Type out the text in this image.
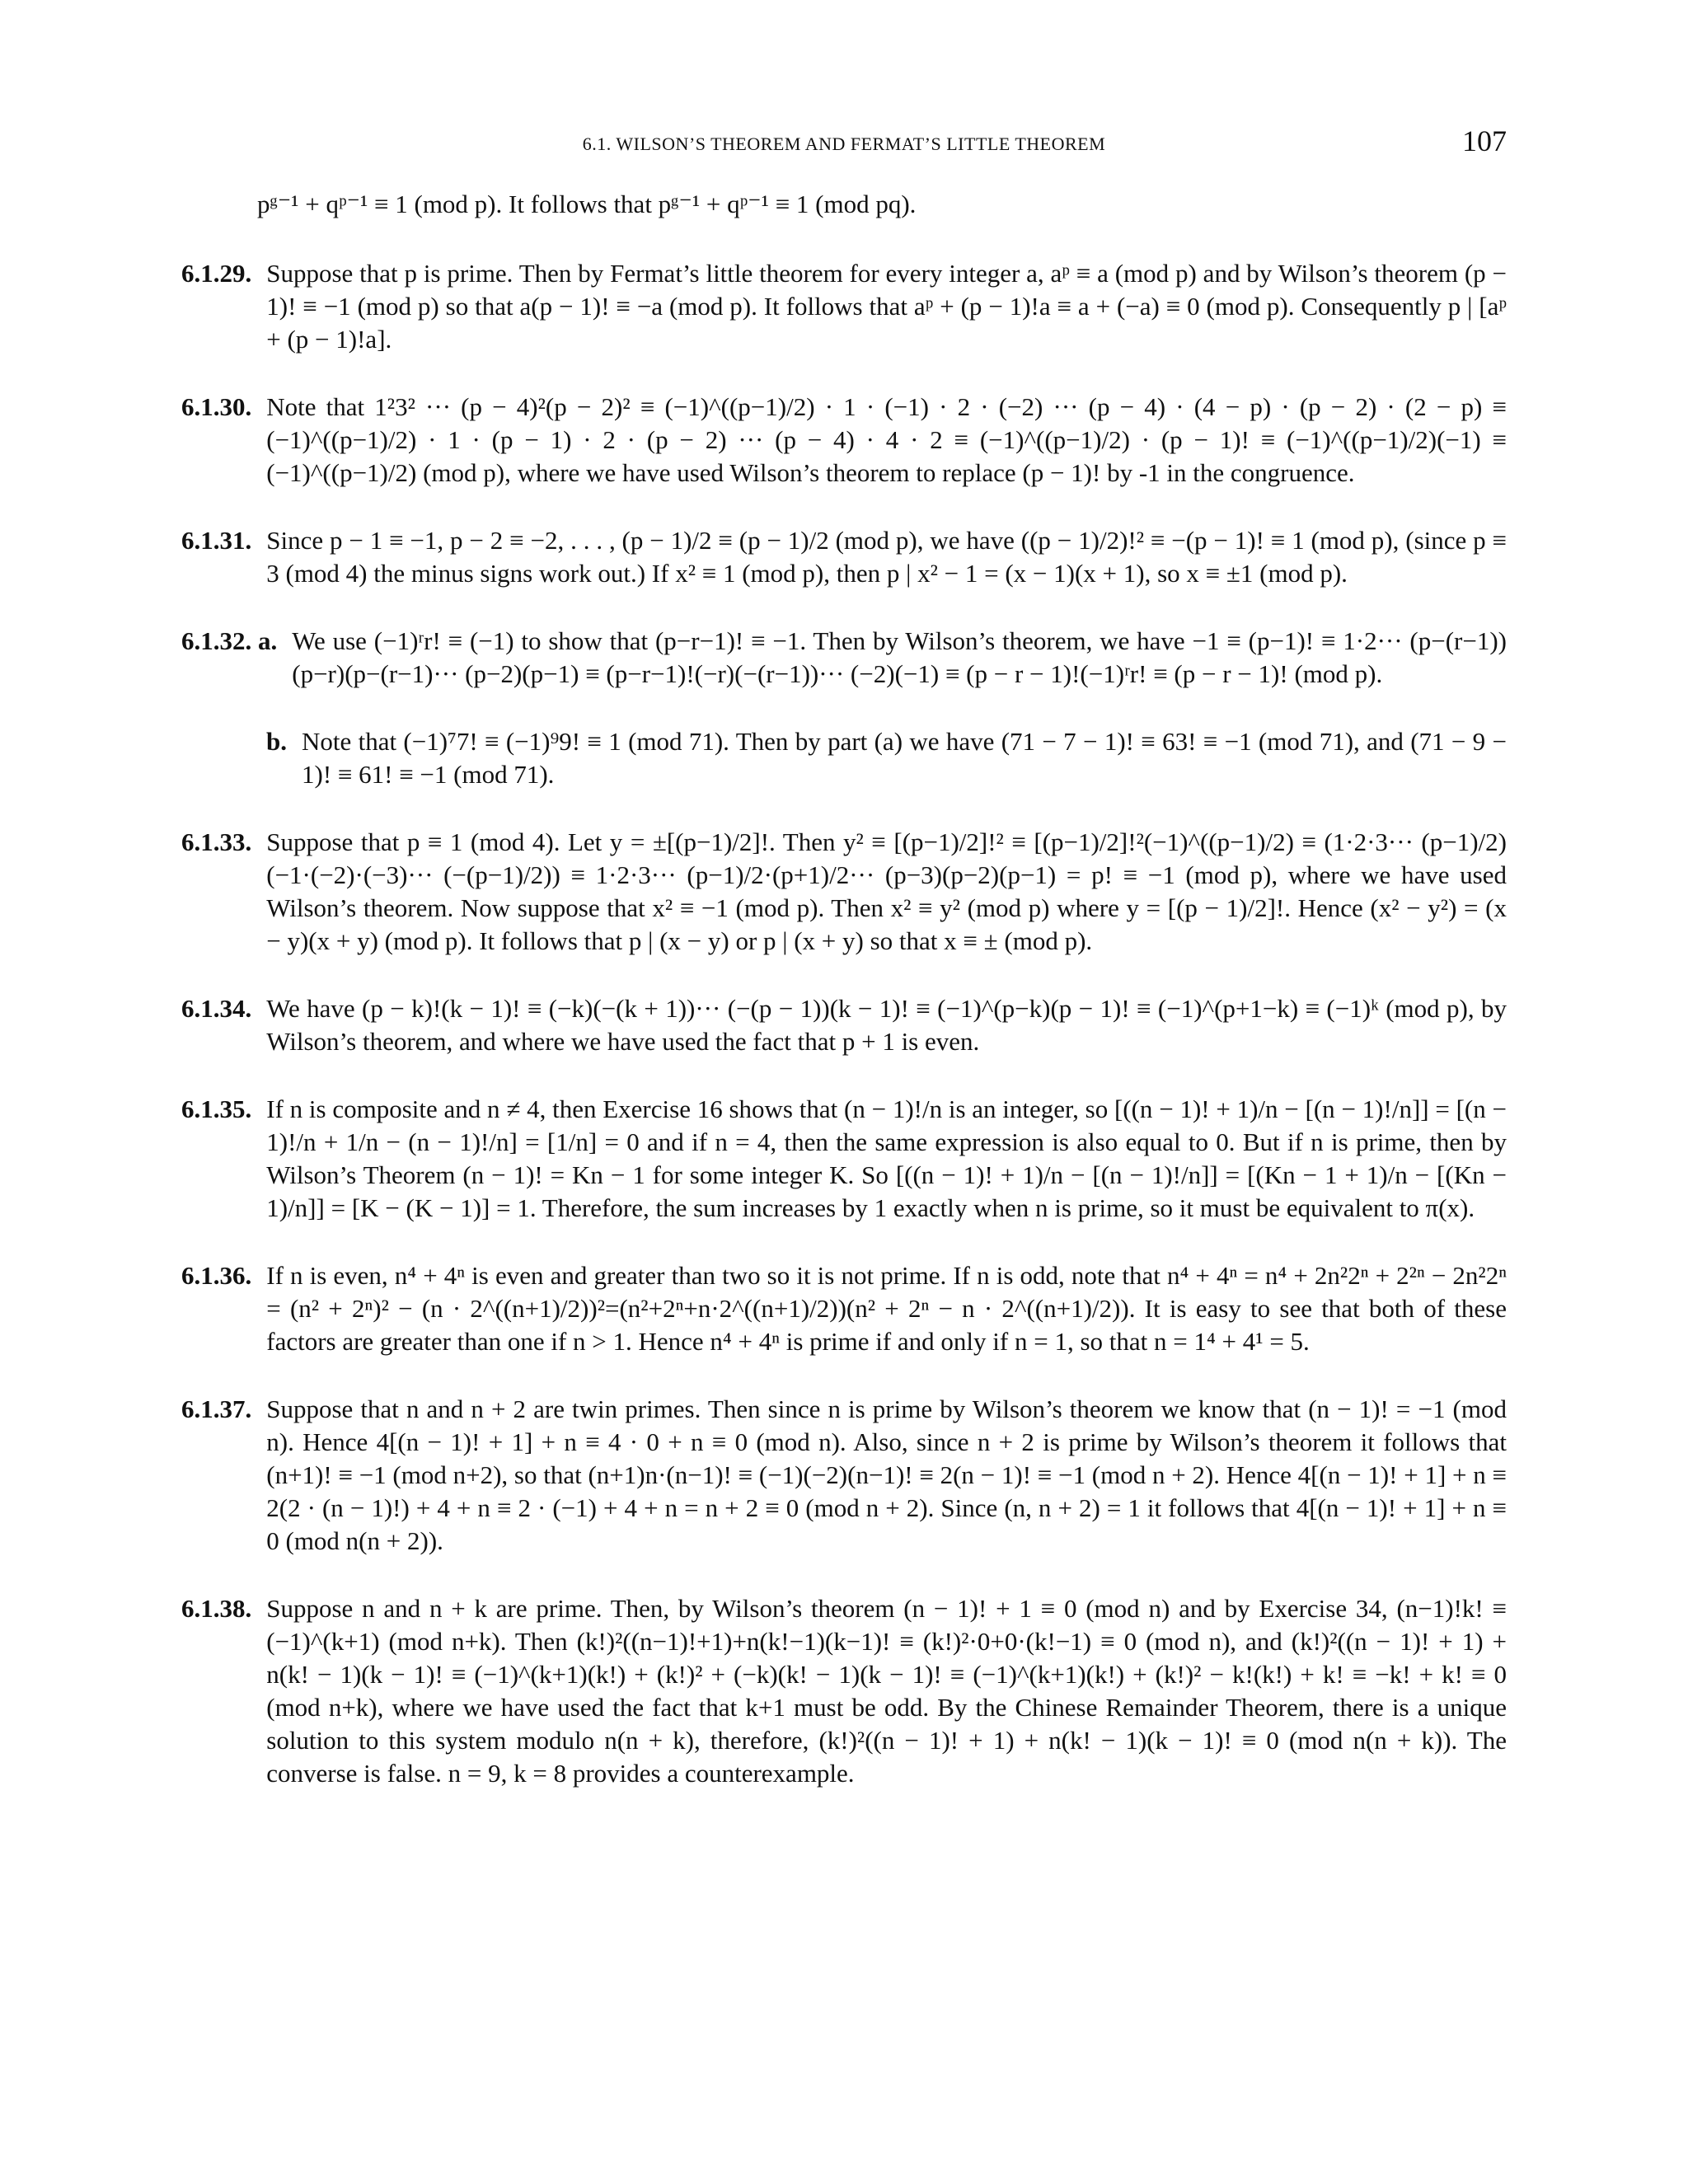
6.1. WILSON’S THEOREM AND FERMAT’S LITTLE THEOREM	107

pᵍ⁻¹ + qᵖ⁻¹ ≡ 1 (mod p). It follows that pᵍ⁻¹ + qᵖ⁻¹ ≡ 1 (mod pq).

6.1.29. Suppose that p is prime. Then by Fermat’s little theorem for every integer a, aᵖ ≡ a (mod p) and by Wilson’s theorem (p − 1)! ≡ −1 (mod p) so that a(p − 1)! ≡ −a (mod p). It follows that aᵖ + (p − 1)!a ≡ a + (−a) ≡ 0 (mod p). Consequently p | [aᵖ + (p − 1)!a].
6.1.30. Note that 1²3² ··· (p − 4)²(p − 2)² ≡ (−1)^((p−1)/2) · 1 · (−1) · 2 · (−2) ··· (p − 4) · (4 − p) · (p − 2) · (2 − p) ≡ (−1)^((p−1)/2) · 1 · (p − 1) · 2 · (p − 2) ··· (p − 4) · 4 · 2 ≡ (−1)^((p−1)/2) · (p − 1)! ≡ (−1)^((p−1)/2)(−1) ≡ (−1)^((p−1)/2) (mod p), where we have used Wilson’s theorem to replace (p − 1)! by -1 in the congruence.
6.1.31. Since p − 1 ≡ −1, p − 2 ≡ −2, . . . , (p − 1)/2 ≡ (p − 1)/2 (mod p), we have ((p − 1)/2)!² ≡ −(p − 1)! ≡ 1 (mod p), (since p ≡ 3 (mod 4) the minus signs work out.) If x² ≡ 1 (mod p), then p | x² − 1 = (x − 1)(x + 1), so x ≡ ±1 (mod p).
6.1.32. a. We use (−1)ʳr! ≡ (−1) to show that (p−r−1)! ≡ −1. Then by Wilson’s theorem, we have −1 ≡ (p−1)! ≡ 1·2··· (p−(r−1))(p−r)(p−(r−1)··· (p−2)(p−1) ≡ (p−r−1)!(−r)(−(r−1))··· (−2)(−1) ≡ (p − r − 1)!(−1)ʳr! ≡ (p − r − 1)! (mod p).
b. Note that (−1)⁷7! ≡ (−1)⁹9! ≡ 1 (mod 71). Then by part (a) we have (71 − 7 − 1)! ≡ 63! ≡ −1 (mod 71), and (71 − 9 − 1)! ≡ 61! ≡ −1 (mod 71).
6.1.33. Suppose that p ≡ 1 (mod 4). Let y = ±[(p−1)/2]!. Then y² ≡ [(p−1)/2]!² ≡ [(p−1)/2]!²(−1)^((p−1)/2) ≡ (1·2·3··· (p−1)/2)(−1·(−2)·(−3)··· (−(p−1)/2)) ≡ 1·2·3··· (p−1)/2·(p+1)/2··· (p−3)(p−2)(p−1) = p! ≡ −1 (mod p), where we have used Wilson’s theorem. Now suppose that x² ≡ −1 (mod p). Then x² ≡ y² (mod p) where y = [(p − 1)/2]!. Hence (x² − y²) = (x − y)(x + y) (mod p). It follows that p | (x − y) or p | (x + y) so that x ≡ ± (mod p).
6.1.34. We have (p − k)!(k − 1)! ≡ (−k)(−(k + 1))··· (−(p − 1))(k − 1)! ≡ (−1)^(p−k)(p − 1)! ≡ (−1)^(p+1−k) ≡ (−1)ᵏ (mod p), by Wilson’s theorem, and where we have used the fact that p + 1 is even.
6.1.35. If n is composite and n ≠ 4, then Exercise 16 shows that (n − 1)!/n is an integer, so [((n − 1)! + 1)/n − [(n − 1)!/n]] = [(n − 1)!/n + 1/n − (n − 1)!/n] = [1/n] = 0 and if n = 4, then the same expression is also equal to 0. But if n is prime, then by Wilson’s Theorem (n − 1)! = Kn − 1 for some integer K. So [((n − 1)! + 1)/n − [(n − 1)!/n]] = [(Kn − 1 + 1)/n − [(Kn − 1)/n]] = [K − (K − 1)] = 1. Therefore, the sum increases by 1 exactly when n is prime, so it must be equivalent to π(x).
6.1.36. If n is even, n⁴ + 4ⁿ is even and greater than two so it is not prime. If n is odd, note that n⁴ + 4ⁿ = n⁴ + 2n²2ⁿ + 2²ⁿ − 2n²2ⁿ = (n² + 2ⁿ)² − (n · 2^((n+1)/2))²=(n²+2ⁿ+n·2^((n+1)/2))(n² + 2ⁿ − n · 2^((n+1)/2)). It is easy to see that both of these factors are greater than one if n > 1. Hence n⁴ + 4ⁿ is prime if and only if n = 1, so that n = 1⁴ + 4¹ = 5.
6.1.37. Suppose that n and n + 2 are twin primes. Then since n is prime by Wilson’s theorem we know that (n − 1)! = −1 (mod n). Hence 4[(n − 1)! + 1] + n ≡ 4 · 0 + n ≡ 0 (mod n). Also, since n + 2 is prime by Wilson’s theorem it follows that (n+1)! ≡ −1 (mod n+2), so that (n+1)n·(n−1)! ≡ (−1)(−2)(n−1)! ≡ 2(n − 1)! ≡ −1 (mod n + 2). Hence 4[(n − 1)! + 1] + n ≡ 2(2 · (n − 1)!) + 4 + n ≡ 2 · (−1) + 4 + n = n + 2 ≡ 0 (mod n + 2). Since (n, n + 2) = 1 it follows that 4[(n − 1)! + 1] + n ≡ 0 (mod n(n + 2)).
6.1.38. Suppose n and n + k are prime. Then, by Wilson’s theorem (n − 1)! + 1 ≡ 0 (mod n) and by Exercise 34, (n−1)!k! ≡ (−1)^(k+1) (mod n+k). Then (k!)²((n−1)!+1)+n(k!−1)(k−1)! ≡ (k!)²·0+0·(k!−1) ≡ 0 (mod n), and (k!)²((n − 1)! + 1) + n(k! − 1)(k − 1)! ≡ (−1)^(k+1)(k!) + (k!)² + (−k)(k! − 1)(k − 1)! ≡ (−1)^(k+1)(k!) + (k!)² − k!(k!) + k! ≡ −k! + k! ≡ 0 (mod n+k), where we have used the fact that k+1 must be odd. By the Chinese Remainder Theorem, there is a unique solution to this system modulo n(n + k), therefore, (k!)²((n − 1)! + 1) + n(k! − 1)(k − 1)! ≡ 0 (mod n(n + k)). The converse is false. n = 9, k = 8 provides a counterexample.
